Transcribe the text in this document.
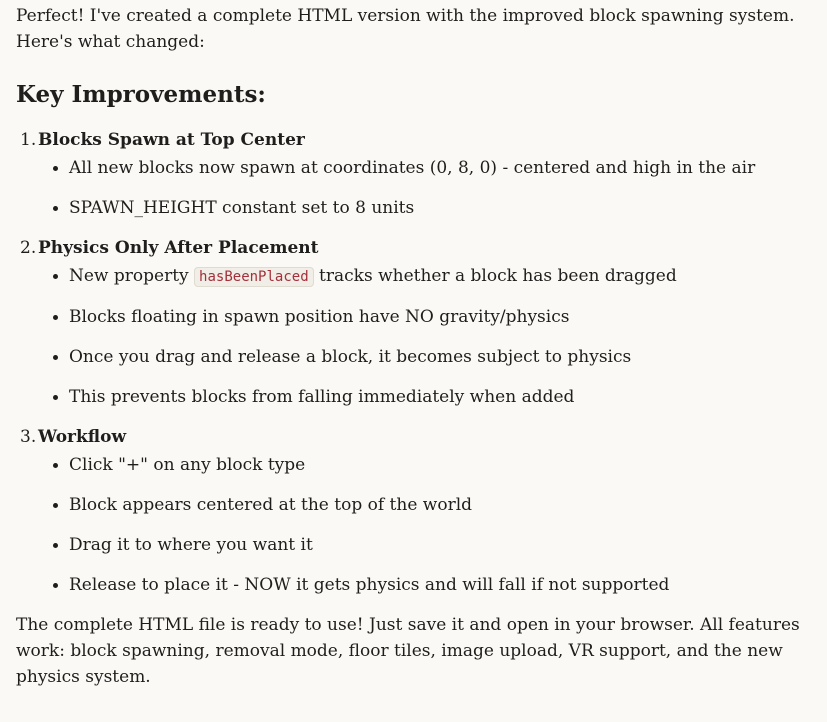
Perfect! I've created a complete HTML version with the improved block spawning system. Here's what changed:

Key Improvements:
1. Blocks Spawn at Top Center
All new blocks now spawn at coordinates (0, 8, 0) - centered and high in the air
SPAWN_HEIGHT constant set to 8 units
2. Physics Only After Placement
New property hasBeenPlaced tracks whether a block has been dragged
Blocks floating in spawn position have NO gravity/physics
Once you drag and release a block, it becomes subject to physics
This prevents blocks from falling immediately when added
3. Workflow
Click "+" on any block type
Block appears centered at the top of the world
Drag it to where you want it
Release to place it - NOW it gets physics and will fall if not supported

The complete HTML file is ready to use! Just save it and open in your browser. All features work: block spawning, removal mode, floor tiles, image upload, VR support, and the new physics system.
